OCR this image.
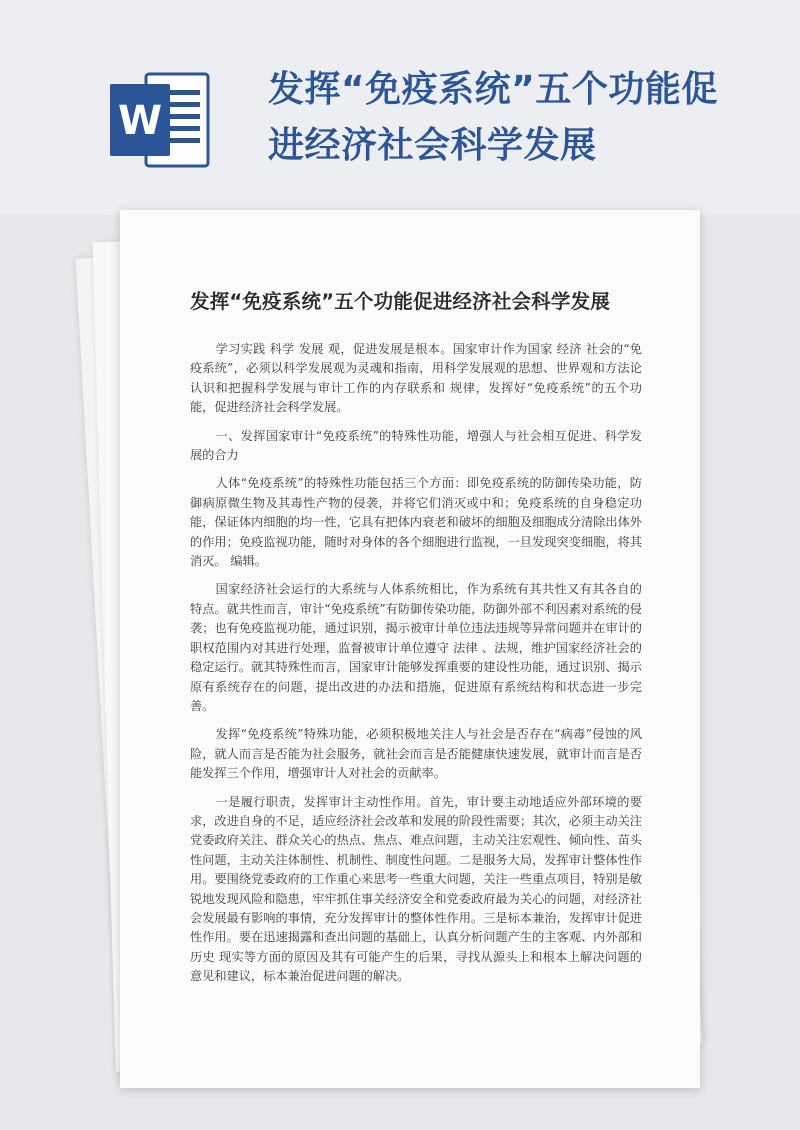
W
发挥“免疫系统”五个功能促进经济社会科学发展
发挥“免疫系统”五个功能促进经济社会科学发展

学习实践 科学 发展 观，促进发展是根本。国家审计作为国家 经济 社会的“免疫系统”，必须以科学发展观为灵魂和指南，用科学发展观的思想、世界观和方法论认识和把握科学发展与审计工作的内存联系和 规律，发挥好“免疫系统”的五个功能，促进经济社会科学发展。

一、发挥国家审计“免疫系统”的特殊性功能，增强人与社会相互促进、科学发展的合力

人体“免疫系统”的特殊性功能包括三个方面：即免疫系统的防御传染功能，防御病原微生物及其毒性产物的侵袭，并将它们消灭或中和；免疫系统的自身稳定功能，保证体内细胞的均一性，它具有把体内衰老和破坏的细胞及细胞成分清除出体外的作用；免疫监视功能，随时对身体的各个细胞进行监视，一旦发现突变细胞，将其消灭。 编辑。

国家经济社会运行的大系统与人体系统相比，作为系统有其共性又有其各自的特点。就共性而言，审计“免疫系统”有防御传染功能，防御外部不利因素对系统的侵袭；也有免疫监视功能，通过识别，揭示被审计单位违法违规等异常问题并在审计的职权范围内对其进行处理，监督被审计单位遵守 法律 、法规，维护国家经济社会的稳定运行。就其特殊性而言，国家审计能够发挥重要的建设性功能，通过识别、揭示原有系统存在的问题，提出改进的办法和措施，促进原有系统结构和状态进一步完善。

发挥“免疫系统”特殊功能，必须积极地关注人与社会是否存在“病毒”侵蚀的风险，就人而言是否能为社会服务，就社会而言是否能健康快速发展，就审计而言是否能发挥三个作用，增强审计人对社会的贡献率。

一是履行职责，发挥审计主动性作用。首先，审计要主动地适应外部环境的要求，改进自身的不足，适应经济社会改革和发展的阶段性需要；其次，必须主动关注党委政府关注、群众关心的热点、焦点、难点问题，主动关注宏观性、倾向性、苗头性问题，主动关注体制性、机制性、制度性问题。二是服务大局，发挥审计整体性作用。要围绕党委政府的工作重心来思考一些重大问题，关注一些重点项目，特别是敏锐地发现风险和隐患，牢牢抓住事关经济安全和党委政府最为关心的问题，对经济社会发展最有影响的事情，充分发挥审计的整体性作用。三是标本兼治，发挥审计促进性作用。要在迅速揭露和查出问题的基础上，认真分析问题产生的主客观、内外部和 历史 现实等方面的原因及其有可能产生的后果，寻找从源头上和根本上解决问题的意见和建议，标本兼治促进问题的解决。
